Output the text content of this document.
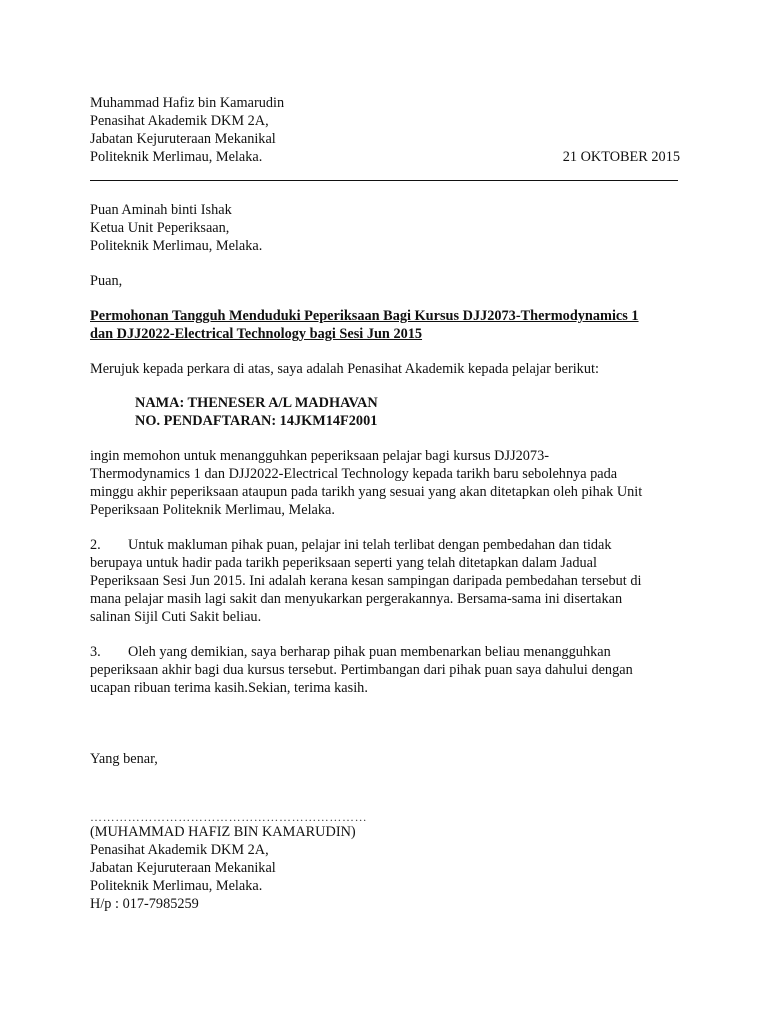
Muhammad Hafiz bin Kamarudin
Penasihat Akademik DKM 2A,
Jabatan Kejuruteraan Mekanikal
Politeknik Merlimau, Melaka.	21 OKTOBER 2015
Puan Aminah binti Ishak
Ketua Unit Peperiksaan,
Politeknik Merlimau, Melaka.
Puan,
Permohonan Tangguh Menduduki Peperiksaan Bagi Kursus DJJ2073-Thermodynamics 1
dan DJJ2022-Electrical Technology bagi Sesi Jun 2015
Merujuk kepada perkara di atas, saya adalah Penasihat Akademik kepada pelajar berikut:
NAMA: THENESER A/L MADHAVAN
NO. PENDAFTARAN: 14JKM14F2001
ingin memohon untuk menangguhkan peperiksaan pelajar bagi kursus DJJ2073-
Thermodynamics 1 dan DJJ2022-Electrical Technology kepada tarikh baru sebolehnya pada
minggu akhir peperiksaan ataupun pada tarikh yang sesuai yang akan ditetapkan oleh pihak Unit
Peperiksaan Politeknik Merlimau, Melaka.
2. Untuk makluman pihak puan, pelajar ini telah terlibat dengan pembedahan dan tidak
berupaya untuk hadir pada tarikh peperiksaan seperti yang telah ditetapkan dalam Jadual
Peperiksaan Sesi Jun 2015. Ini adalah kerana kesan sampingan daripada pembedahan tersebut di
mana pelajar masih lagi sakit dan menyukarkan pergerakannya. Bersama-sama ini disertakan
salinan Sijil Cuti Sakit beliau.
3. Oleh yang demikian, saya berharap pihak puan membenarkan beliau menangguhkan
peperiksaan akhir bagi dua kursus tersebut. Pertimbangan dari pihak puan saya dahului dengan
ucapan ribuan terima kasih.Sekian, terima kasih.
Yang benar,
…………………………………………………………
(MUHAMMAD HAFIZ BIN KAMARUDIN)
Penasihat Akademik DKM 2A,
Jabatan Kejuruteraan Mekanikal
Politeknik Merlimau, Melaka.
H/p : 017-7985259
